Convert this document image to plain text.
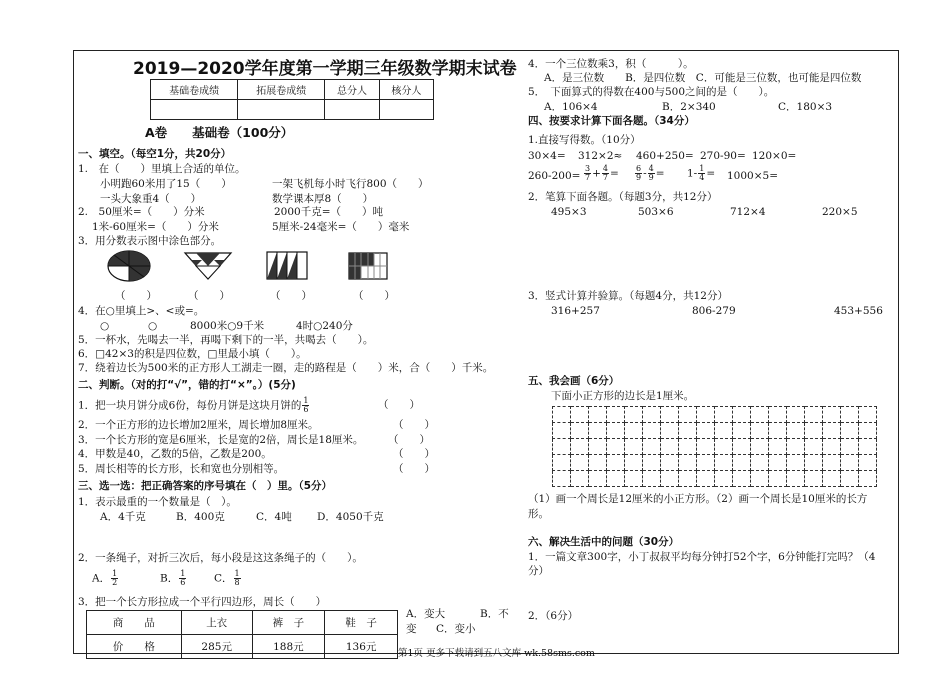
2019—2020学年度第一学期三年级数学期末试卷
基础卷成绩	拓展卷成绩	总分人	核分人

A卷　　基础卷（100分）
一、填空。（每空1分，共20分）
1.　在（　　）里填上合适的单位。
小明跑60米用了15（　　）	一架飞机每小时飞行800（　　）
一头大象重4（　　）	数学课本厚8（　　）
2.　50厘米=（　　）分米	2000千克=（　　）吨
1米-60厘米=（　　）分米	5厘米-24毫米=（　　）毫米
3．用分数表示图中涂色部分。
（　　）	（　　）	（　　）	（　　）
4．在○里填上>、<或=。
○	○	8000米○9千米	4时○240分
5．一杯水，先喝去一半，再喝下剩下的一半，共喝去（　　）。
6．□42×3的积是四位数，□里最小填（　　）。
7．绕着边长为500米的正方形人工湖走一圈，走的路程是（　　）米，合（　　）千米。
二、判断。（对的打“√”，错的打“×”。）(5分)
1．把一块月饼分成6份，每份月饼是这块月饼的 $\frac{1}{6}$	（　　）
2．一个正方形的边长增加2厘米，周长增加8厘米。	（　　）
3．一个长方形的宽是6厘米，长是宽的2倍，周长是18厘米。 （　　）
4．甲数是40，乙数的5倍，乙数是200。	（　　）
5．周长相等的长方形，长和宽也分别相等。	（　　）
三、选一选：把正确答案的序号填在（　）里。（5分）
1．表示最重的一个数量是（　）。
A．4千克	B．400克	C．4吨 D．4050千克
2．一条绳子，对折三次后，每小段是这这条绳子的（　　）。
A． $\frac{1}{2}$	B． $\frac{1}{6}$	C． $\frac{1}{8}$
3．把一个长方形拉成一个平行四边形，周长（　　）
商　　品	上衣	裤　子	鞋　子
价　　格	285元	188元	136元
A．变大	B．不
变 C．变小
4．一个三位数乘3，积（　　　）。
A．是三位数　　B．是四位数　C．可能是三位数，也可能是四位数
5．　下面算式的得数在400与500之间的是（　　）。
A．106×4	B．2×340	C．180×3
四、按要求计算下面各题。（34分）
1.直接写得数。（10分）
30×4= 312×2≈ 460+250= 270-90= 120×0=
$260-200= \frac{3}{7} + \frac{4}{7} = \frac{6}{9} - \frac{4}{9} = 1- \frac{1}{4} = 1000\times 5=$
2．笔算下面各题。（每题3分，共12分）
495×3	503×6	712×4	220×5
3．竖式计算并验算。（每题4分，共12分）
316+257	806-279	453+556
五、我会画（6分）
下面小正方形的边长是1厘米。

（1）画一个周长是12厘米的小正方形。（2）画一个周长是10厘米的长方
形。
六、解决生活中的问题（30分）
1．一篇文章300字，小丁叔叔平均每分钟打52个字，6分钟能打完吗？（4
分）
2．（6分）
第1页 更多下载请到五八文库 wk.58sms.com
